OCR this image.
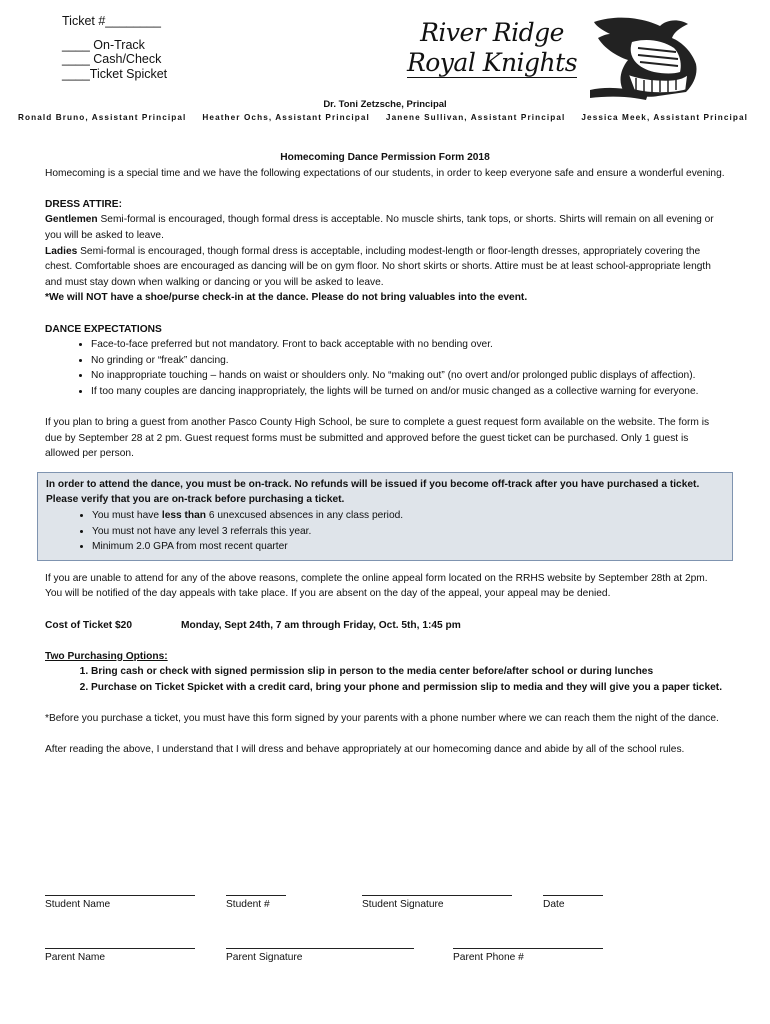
Ticket #________
____ On-Track
____ Cash/Check
____Ticket Spicket
River Ridge
Royal Knights
Dr. Toni Zetzsche, Principal
Ronald Bruno, Assistant Principal Heather Ochs, Assistant Principal Janene Sullivan, Assistant Principal Jessica Meek, Assistant Principal

Homecoming Dance Permission Form 2018

Homecoming is a special time and we have the following expectations of our students, in order to keep everyone safe and ensure a wonderful evening.

DRESS ATTIRE:

Gentlemen Semi-formal is encouraged, though formal dress is acceptable. No muscle shirts, tank tops, or shorts. Shirts will remain on all evening or you will be asked to leave.

Ladies Semi-formal is encouraged, though formal dress is acceptable, including modest-length or floor-length dresses, appropriately covering the chest. Comfortable shoes are encouraged as dancing will be on gym floor. No short skirts or shorts. Attire must be at least school-appropriate length and must stay down when walking or dancing or you will be asked to leave.

*We will NOT have a shoe/purse check-in at the dance. Please do not bring valuables into the event.

DANCE EXPECTATIONS

• Face-to-face preferred but not mandatory. Front to back acceptable with no bending over.
• No grinding or “freak” dancing.
• No inappropriate touching – hands on waist or shoulders only. No “making out” (no overt and/or prolonged public displays of affection).
• If too many couples are dancing inappropriately, the lights will be turned on and/or music changed as a collective warning for everyone.

If you plan to bring a guest from another Pasco County High School, be sure to complete a guest request form available on the website. The form is due by September 28 at 2 pm. Guest request forms must be submitted and approved before the guest ticket can be purchased. Only 1 guest is allowed per person.

In order to attend the dance, you must be on-track. No refunds will be issued if you become off-track after you have purchased a ticket. Please verify that you are on-track before purchasing a ticket.

• You must have less than 6 unexcused absences in any class period.
• You must not have any level 3 referrals this year.
• Minimum 2.0 GPA from most recent quarter

If you are unable to attend for any of the above reasons, complete the online appeal form located on the RRHS website by September 28th at 2pm. You will be notified of the day appeals with take place. If you are absent on the day of the appeal, your appeal may be denied.

Cost of Ticket $20	Monday, Sept 24th, 7 am through Friday, Oct. 5th, 1:45 pm

Two Purchasing Options:

1. Bring cash or check with signed permission slip in person to the media center before/after school or during lunches
2. Purchase on Ticket Spicket with a credit card, bring your phone and permission slip to media and they will give you a paper ticket.

*Before you purchase a ticket, you must have this form signed by your parents with a phone number where we can reach them the night of the dance.

After reading the above, I understand that I will dress and behave appropriately at our homecoming dance and abide by all of the school rules.

Student Name	Student #	Student Signature	Date
Parent Name	Parent Signature	Parent Phone #
